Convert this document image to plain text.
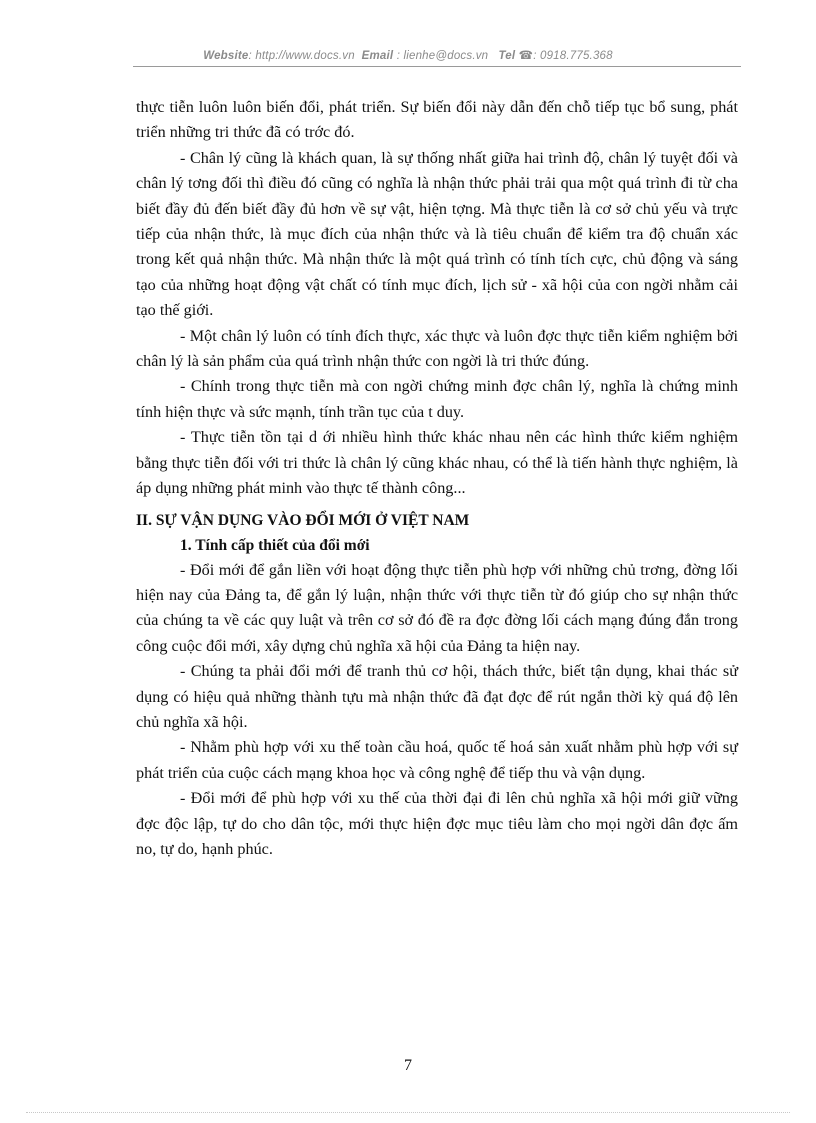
Website: http://www.docs.vn Email : lienhe@docs.vn Tel ☎: 0918.775.368

thực tiễn luôn luôn biến đổi, phát triển. Sự biến đổi này dẫn đến chỗ tiếp tục bổ sung, phát triển những tri thức đã có trớc đó.

- Chân lý cũng là khách quan, là sự thống nhất giữa hai trình độ, chân lý tuyệt đối và chân lý tơng đối thì điều đó cũng có nghĩa là nhận thức phải trải qua một quá trình đi từ cha biết đầy đủ đến biết đầy đủ hơn về sự vật, hiện tợng. Mà thực tiễn là cơ sở chủ yếu và trực tiếp của nhận thức, là mục đích của nhận thức và là tiêu chuẩn để kiểm tra độ chuẩn xác trong kết quả nhận thức. Mà nhận thức là một quá trình có tính tích cực, chủ động và sáng tạo của những hoạt động vật chất có tính mục đích, lịch sử - xã hội của con ngời nhằm cải tạo thế giới.

- Một chân lý luôn có tính đích thực, xác thực và luôn đợc thực tiễn kiểm nghiệm bởi chân lý là sản phẩm của quá trình nhận thức con ngời là tri thức đúng.

- Chính trong thực tiễn mà con ngời chứng minh đợc chân lý, nghĩa là chứng minh tính hiện thực và sức mạnh, tính trần tục của t duy.

- Thực tiễn tồn tại d ới nhiều hình thức khác nhau nên các hình thức kiểm nghiệm bằng thực tiễn đối với tri thức là chân lý cũng khác nhau, có thể là tiến hành thực nghiệm, là áp dụng những phát minh vào thực tế thành công...

II. SỰ VẬN DỤNG VÀO ĐỔI MỚI Ở VIỆT NAM
1. Tính cấp thiết của đổi mới

- Đổi mới để gắn liền với hoạt động thực tiễn phù hợp với những chủ trơng, đờng lối hiện nay của Đảng ta, để gắn lý luận, nhận thức với thực tiễn từ đó giúp cho sự nhận thức của chúng ta về các quy luật và trên cơ sở đó đề ra đợc đờng lối cách mạng đúng đắn trong công cuộc đổi mới, xây dựng chủ nghĩa xã hội của Đảng ta hiện nay.

- Chúng ta phải đổi mới để tranh thủ cơ hội, thách thức, biết tận dụng, khai thác sử dụng có hiệu quả những thành tựu mà nhận thức đã đạt đợc để rút ngắn thời kỳ quá độ lên chủ nghĩa xã hội.

- Nhằm phù hợp với xu thế toàn cầu hoá, quốc tế hoá sản xuất nhằm phù hợp với sự phát triển của cuộc cách mạng khoa học và công nghệ để tiếp thu và vận dụng.

- Đổi mới để phù hợp với xu thế của thời đại đi lên chủ nghĩa xã hội mới giữ vững đợc độc lập, tự do cho dân tộc, mới thực hiện đợc mục tiêu làm cho mọi ngời dân đợc ấm no, tự do, hạnh phúc.

7
